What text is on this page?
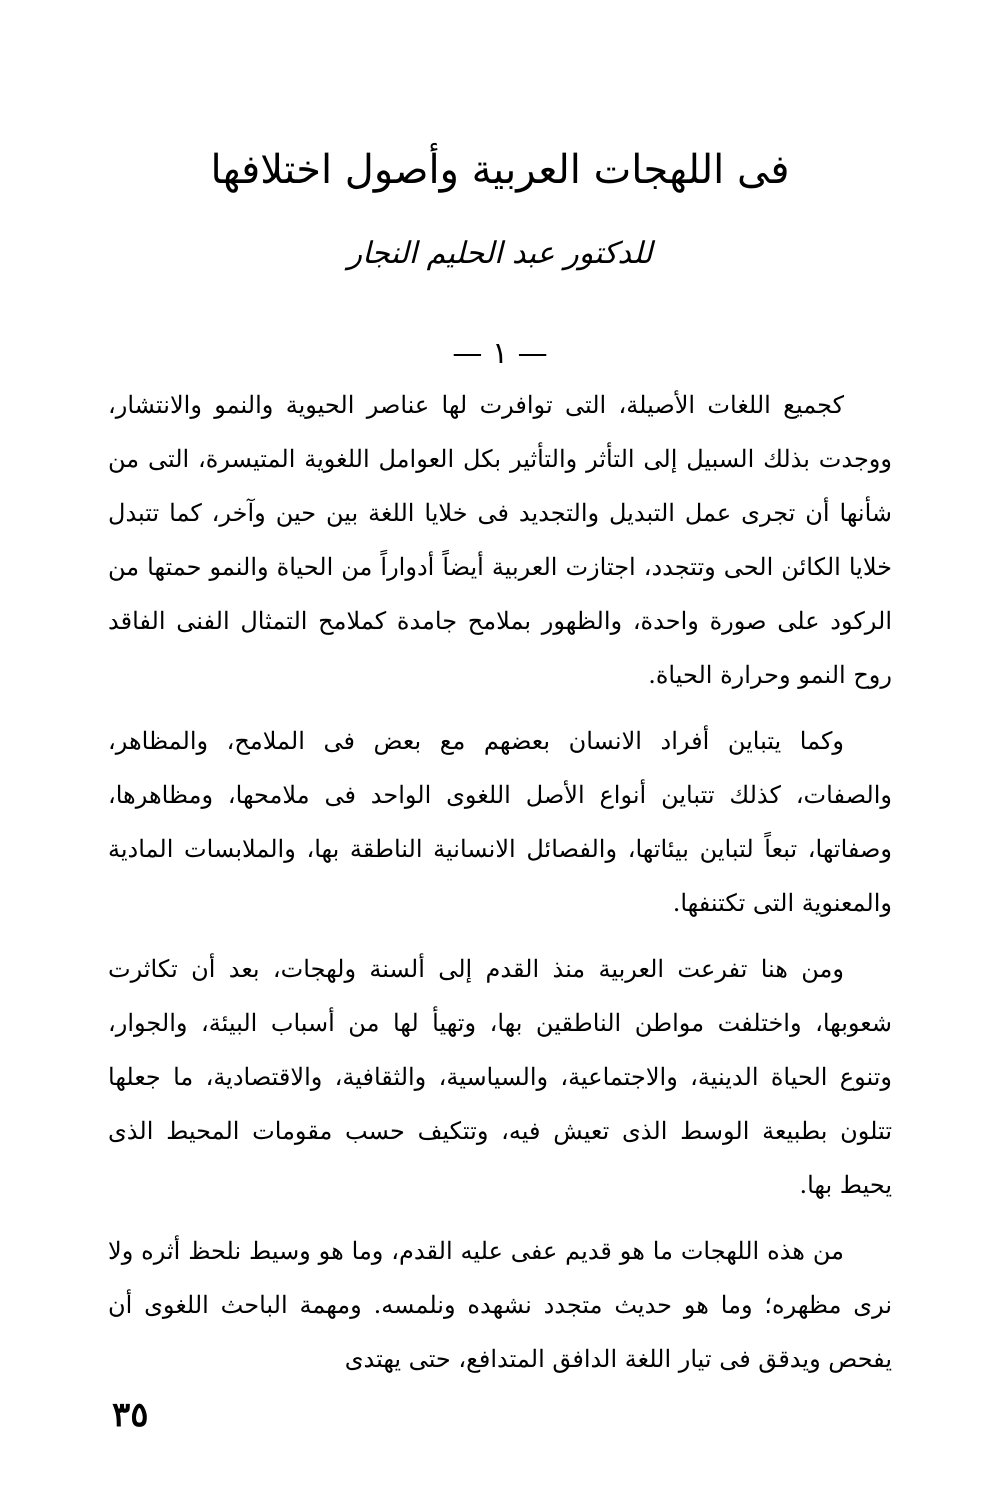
فى اللهجات العربية وأصول اختلافها
للدكتور عبد الحليم النجار
— ١ —

كجميع اللغات الأصيلة، التى توافرت لها عناصر الحيوية والنمو والانتشار، ووجدت بذلك السبيل إلى التأثر والتأثير بكل العوامل اللغوية المتيسرة، التى من شأنها أن تجرى عمل التبديل والتجديد فى خلايا اللغة بين حين وآخر، كما تتبدل خلايا الكائن الحى وتتجدد، اجتازت العربية أيضاً أدواراً من الحياة والنمو حمتها من الركود على صورة واحدة، والظهور بملامح جامدة كملامح التمثال الفنى الفاقد روح النمو وحرارة الحياة.

وكما يتباين أفراد الانسان بعضهم مع بعض فى الملامح، والمظاهر، والصفات، كذلك تتباين أنواع الأصل اللغوى الواحد فى ملامحها، ومظاهرها، وصفاتها، تبعاً لتباين بيئاتها، والفصائل الانسانية الناطقة بها، والملابسات المادية والمعنوية التى تكتنفها.

ومن هنا تفرعت العربية منذ القدم إلى ألسنة ولهجات، بعد أن تكاثرت شعوبها، واختلفت مواطن الناطقين بها، وتهيأ لها من أسباب البيئة، والجوار، وتنوع الحياة الدينية، والاجتماعية، والسياسية، والثقافية، والاقتصادية، ما جعلها تتلون بطبيعة الوسط الذى تعيش فيه، وتتكيف حسب مقومات المحيط الذى يحيط بها.

من هذه اللهجات ما هو قديم عفى عليه القدم، وما هو وسيط نلحظ أثره ولا نرى مظهره؛ وما هو حديث متجدد نشهده ونلمسه. ومهمة الباحث اللغوى أن يفحص ويدقق فى تيار اللغة الدافق المتدافع، حتى يهتدى

٣٥
